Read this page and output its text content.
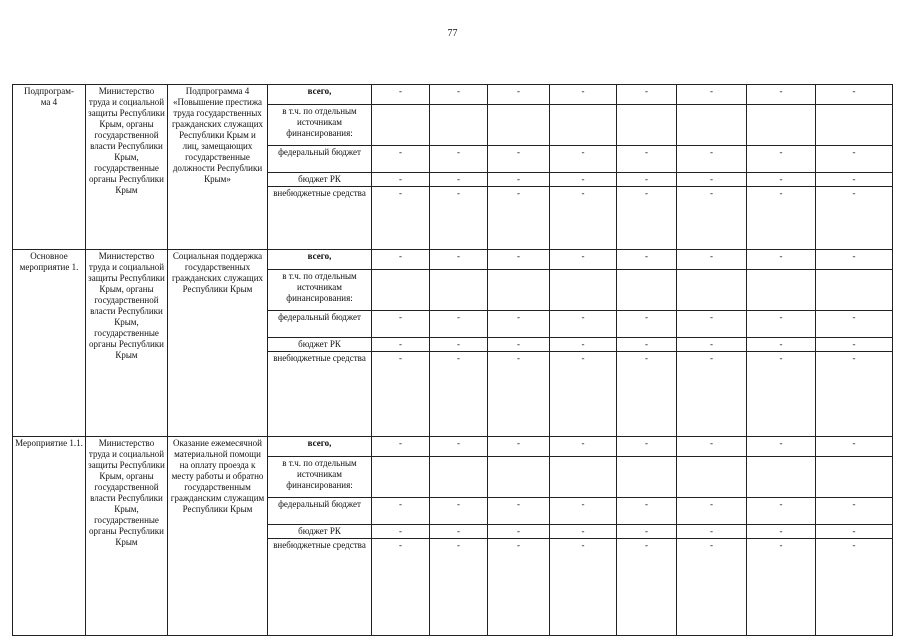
77
Подпрограм-
ма 4	Министерство труда и социальной защиты Республики Крым, органы государственной власти Республики Крым, государственные органы Республики Крым	Подпрограмма 4 «Повышение престижа труда государственных гражданских служащих Республики Крым и лиц, замещающих государственные должности Республики Крым»	всего,	-	-	-	-	-	-	-	-
			в т.ч. по отдельным источникам финансирования:								
			федеральный бюджет	-	-	-	-	-	-	-	-
			бюджет РК	-	-	-	-	-	-	-	-
			внебюджетные средства	-	-	-	-	-	-	-	-
Основное мероприятие 1.	Министерство труда и социальной защиты Республики Крым, органы государственной власти Республики Крым, государственные органы Республики Крым	Социальная поддержка государственных гражданских служащих Республики Крым	всего,	-	-	-	-	-	-	-	-
			в т.ч. по отдельным источникам финансирования:								
			федеральный бюджет	-	-	-	-	-	-	-	-
			бюджет РК	-	-	-	-	-	-	-	-
			внебюджетные средства	-	-	-	-	-	-	-	-
Мероприятие 1.1.	Министерство труда и социальной защиты Республики Крым, органы государственной власти Республики Крым, государственные органы Республики Крым	Оказание ежемесячной материальной помощи на оплату проезда к месту работы и обратно государственным гражданским служащим Республики Крым	всего,	-	-	-	-	-	-	-	-
			в т.ч. по отдельным источникам финансирования:								
			федеральный бюджет	-	-	-	-	-	-	-	-
			бюджет РК	-	-	-	-	-	-	-	-
			внебюджетные средства	-	-	-	-	-	-	-	-
